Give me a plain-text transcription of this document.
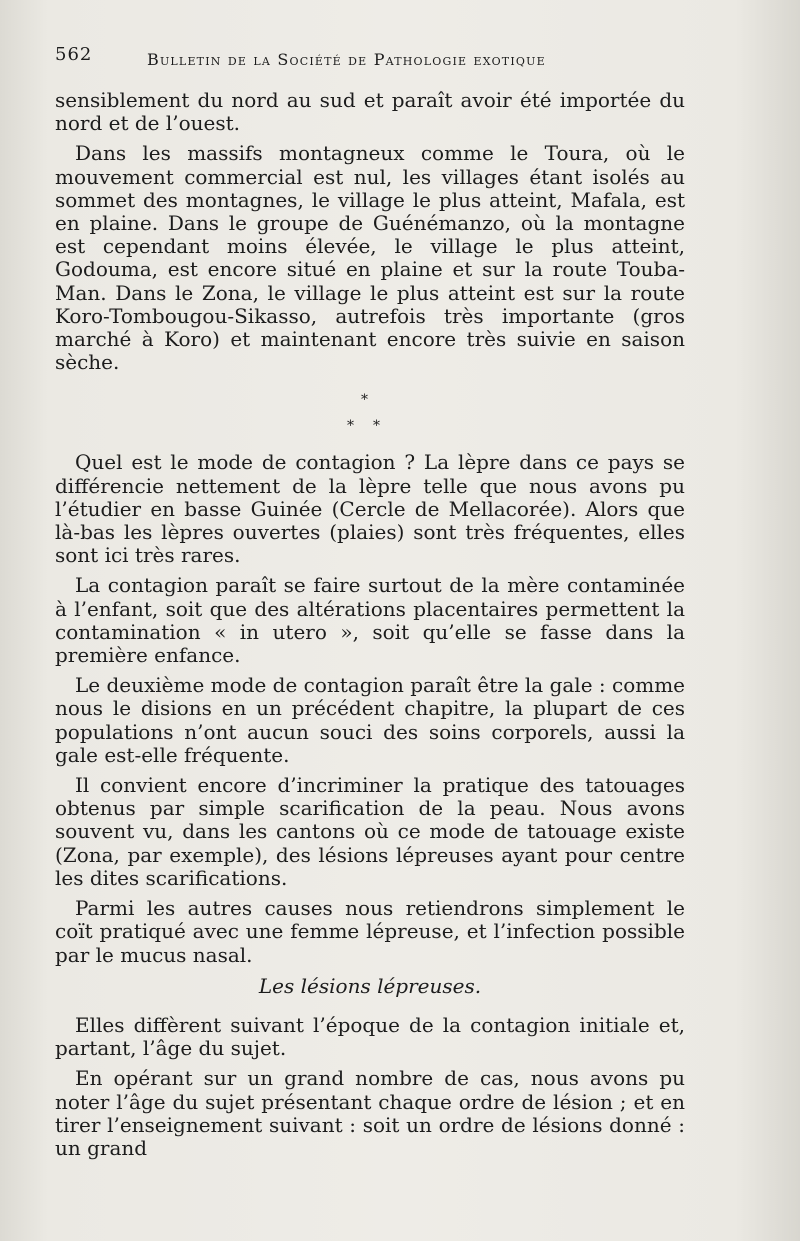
562	Bulletin de la Société de Pathologie exotique

sensiblement du nord au sud et paraît avoir été importée du nord et de l’ouest.

Dans les massifs montagneux comme le Toura, où le mouvement commercial est nul, les villages étant isolés au sommet des montagnes, le village le plus atteint, Mafala, est en plaine. Dans le groupe de Guénémanzo, où la montagne est cependant moins élevée, le village le plus atteint, Godouma, est encore situé en plaine et sur la route Touba-Man. Dans le Zona, le village le plus atteint est sur la route Koro-Tombougou-Sikasso, autrefois très importante (gros marché à Koro) et maintenant encore très suivie en saison sèche.

*
* *

Quel est le mode de contagion ? La lèpre dans ce pays se différencie nettement de la lèpre telle que nous avons pu l’étudier en basse Guinée (Cercle de Mellacorée). Alors que là-bas les lèpres ouvertes (plaies) sont très fréquentes, elles sont ici très rares.

La contagion paraît se faire surtout de la mère contaminée à l’enfant, soit que des altérations placentaires permettent la contamination « in utero », soit qu’elle se fasse dans la première enfance.

Le deuxième mode de contagion paraît être la gale : comme nous le disions en un précédent chapitre, la plupart de ces populations n’ont aucun souci des soins corporels, aussi la gale est-elle fréquente.

Il convient encore d’incriminer la pratique des tatouages obtenus par simple scarification de la peau. Nous avons souvent vu, dans les cantons où ce mode de tatouage existe (Zona, par exemple), des lésions lépreuses ayant pour centre les dites scarifications.

Parmi les autres causes nous retiendrons simplement le coït pratiqué avec une femme lépreuse, et l’infection possible par le mucus nasal.

Les lésions lépreuses.

Elles diffèrent suivant l’époque de la contagion initiale et, partant, l’âge du sujet.

En opérant sur un grand nombre de cas, nous avons pu noter l’âge du sujet présentant chaque ordre de lésion ; et en tirer l’enseignement suivant : soit un ordre de lésions donné : un grand
